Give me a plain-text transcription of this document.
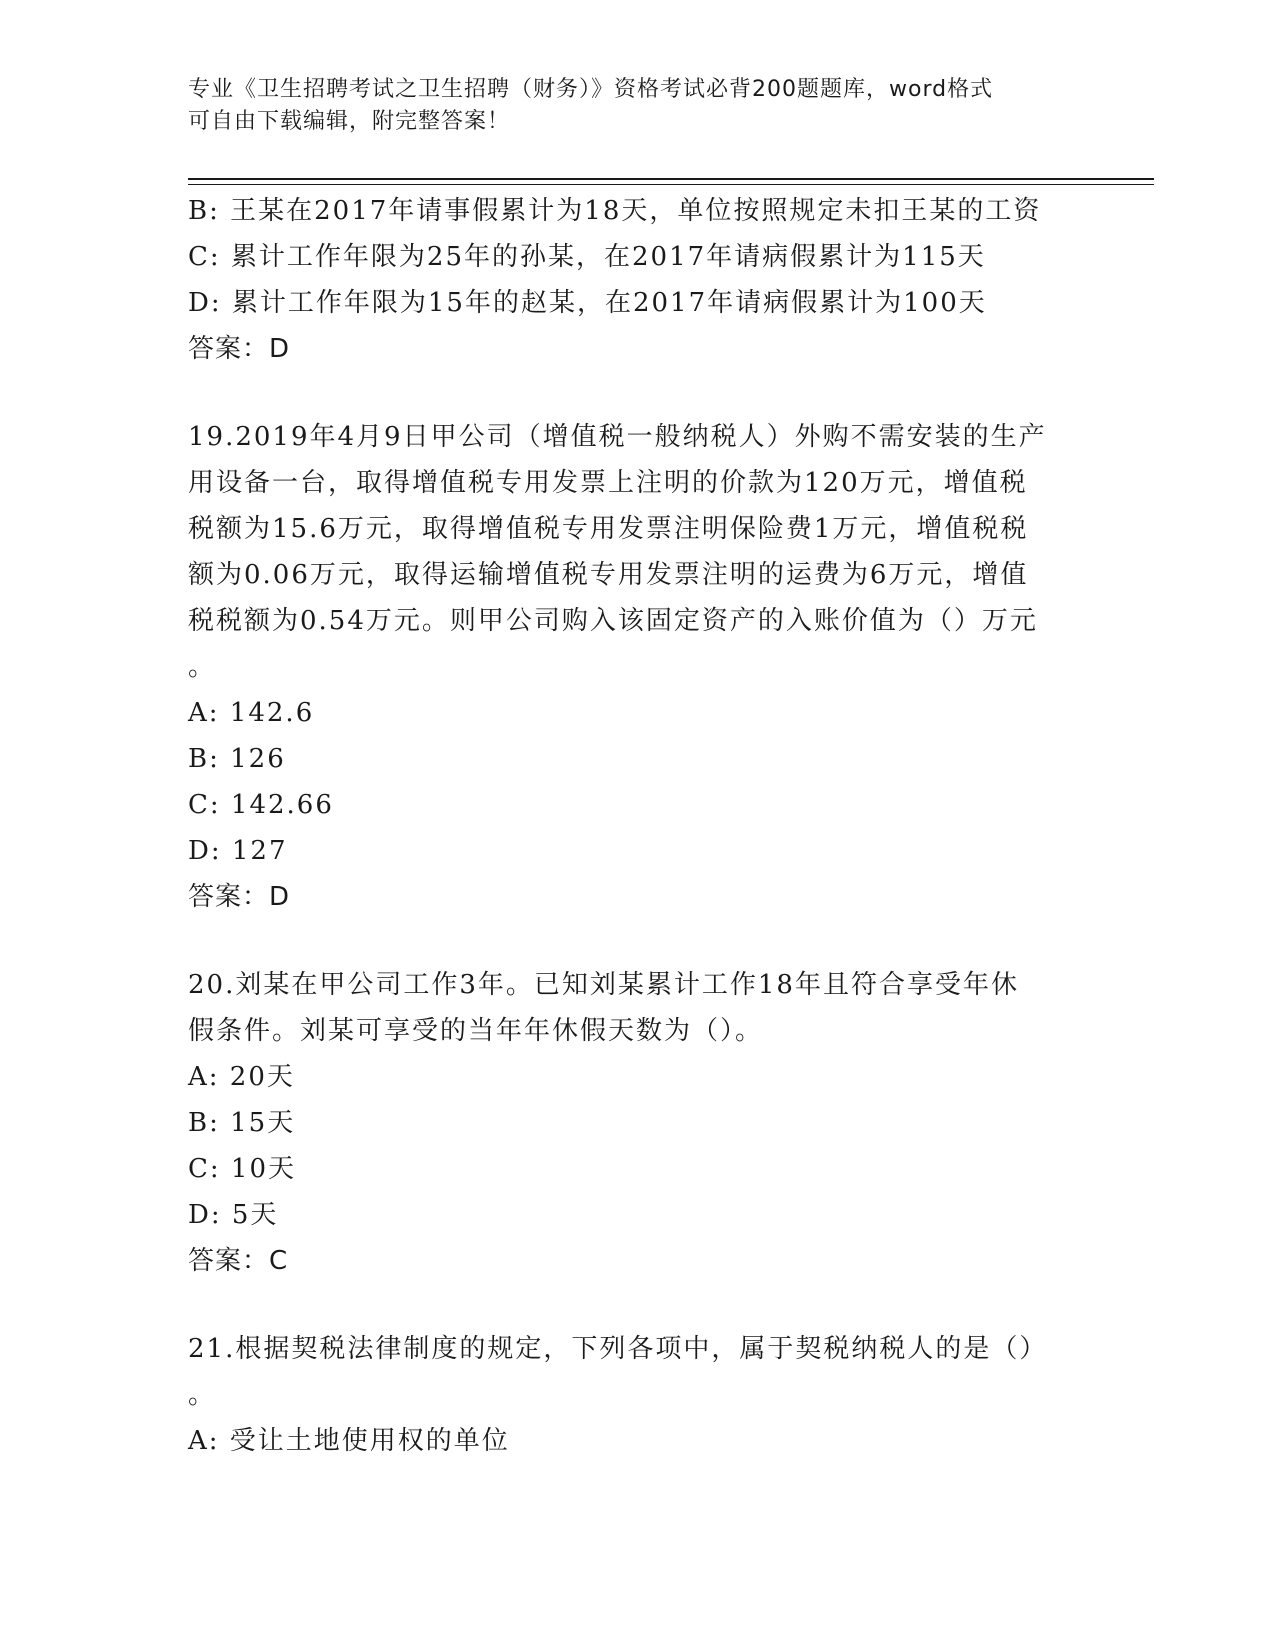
专业《卫生招聘考试之卫生招聘（财务）》资格考试必背200题题库，word格式
可自由下载编辑，附完整答案！

B: 王某在2017年请事假累计为18天，单位按照规定未扣王某的工资

C: 累计工作年限为25年的孙某，在2017年请病假累计为115天

D: 累计工作年限为15年的赵某，在2017年请病假累计为100天

答案：D

19.2019年4月9日甲公司（增值税一般纳税人）外购不需安装的生产

用设备一台，取得增值税专用发票上注明的价款为120万元，增值税

税额为15.6万元，取得增值税专用发票注明保险费1万元，增值税税

额为0.06万元，取得运输增值税专用发票注明的运费为6万元，增值

税税额为0.54万元。则甲公司购入该固定资产的入账价值为（）万元

。

A: 142.6

B: 126

C: 142.66

D: 127

答案：D

20.刘某在甲公司工作3年。已知刘某累计工作18年且符合享受年休

假条件。刘某可享受的当年年休假天数为（）。

A: 20天

B: 15天

C: 10天

D: 5天

答案：C

21.根据契税法律制度的规定，下列各项中，属于契税纳税人的是（）

。

A: 受让土地使用权的单位
